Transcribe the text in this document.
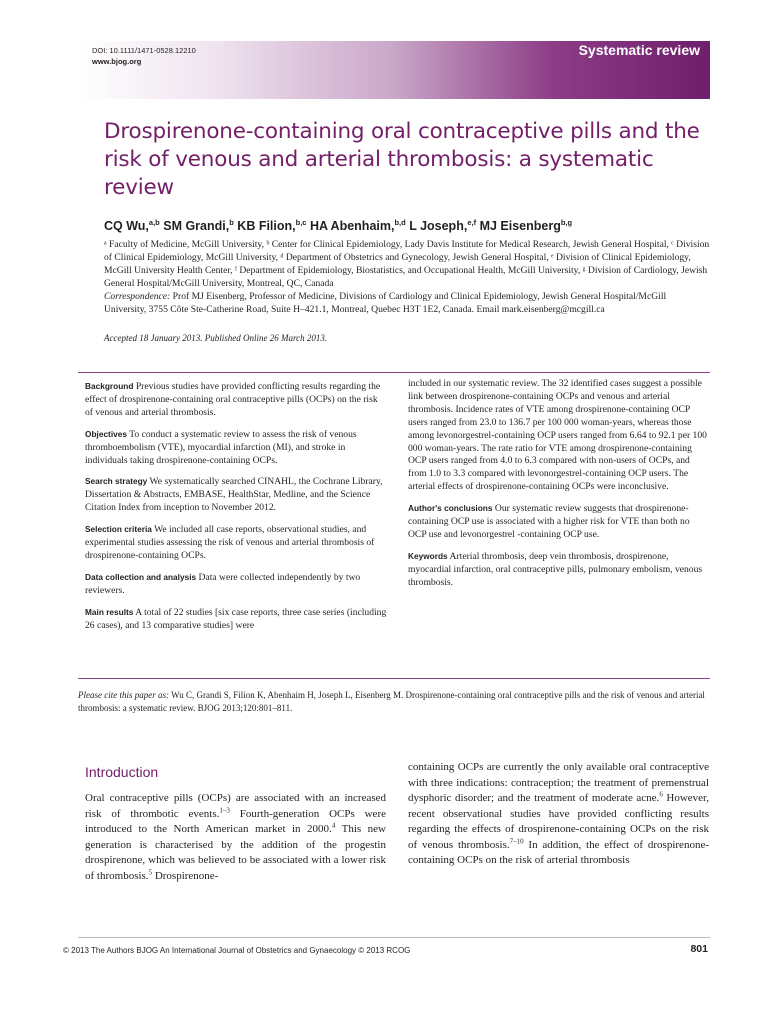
DOI: 10.1111/1471-0528.12210
www.bjog.org
Systematic review
Drospirenone-containing oral contraceptive pills and the risk of venous and arterial thrombosis: a systematic review
CQ Wu,$^{a,b}$ SM Grandi,$^b$ KB Filion,$^{b,c}$ HA Abenhaim,$^{b,d}$ L Joseph,$^{e,f}$ MJ Eisenberg$^{b,g}$

ᵃ Faculty of Medicine, McGill University, ᵇ Center for Clinical Epidemiology, Lady Davis Institute for Medical Research, Jewish General Hospital, ᶜ Division of Clinical Epidemiology, McGill University, ᵈ Department of Obstetrics and Gynecology, Jewish General Hospital, ᵉ Division of Clinical Epidemiology, McGill University Health Center, ᶠ Department of Epidemiology, Biostatistics, and Occupational Health, McGill University, ᵍ Division of Cardiology, Jewish General Hospital/McGill University, Montreal, QC, Canada

Correspondence: Prof MJ Eisenberg, Professor of Medicine, Divisions of Cardiology and Clinical Epidemiology, Jewish General Hospital/McGill University, 3755 Côte Ste-Catherine Road, Suite H–421.1, Montreal, Quebec H3T 1E2, Canada. Email mark.eisenberg@mcgill.ca

Accepted 18 January 2013. Published Online 26 March 2013.

Background Previous studies have provided conflicting results regarding the effect of drospirenone-containing oral contraceptive pills (OCPs) on the risk of venous and arterial thrombosis.

Objectives To conduct a systematic review to assess the risk of venous thromboembolism (VTE), myocardial infarction (MI), and stroke in individuals taking drospirenone-containing OCPs.

Search strategy We systematically searched CINAHL, the Cochrane Library, Dissertation & Abstracts, EMBASE, HealthStar, Medline, and the Science Citation Index from inception to November 2012.

Selection criteria We included all case reports, observational studies, and experimental studies assessing the risk of venous and arterial thrombosis of drospirenone-containing OCPs.

Data collection and analysis Data were collected independently by two reviewers.

Main results A total of 22 studies [six case reports, three case series (including 26 cases), and 13 comparative studies] were

included in our systematic review. The 32 identified cases suggest a possible link between drospirenone-containing OCPs and venous and arterial thrombosis. Incidence rates of VTE among drospirenone-containing OCP users ranged from 23.0 to 136.7 per 100 000 woman-years, whereas those among levonorgestrel-containing OCP users ranged from 6.64 to 92.1 per 100 000 woman-years. The rate ratio for VTE among drospirenone-containing OCP users ranged from 4.0 to 6.3 compared with non-users of OCPs, and from 1.0 to 3.3 compared with levonorgestrel-containing OCP users. The arterial effects of drospirenone-containing OCPs were inconclusive.

Author's conclusions Our systematic review suggests that drospirenone-containing OCP use is associated with a higher risk for VTE than both no OCP use and levonorgestrel -containing OCP use.

Keywords Arterial thrombosis, deep vein thrombosis, drospirenone, myocardial infarction, oral contraceptive pills, pulmonary embolism, venous thrombosis.

Please cite this paper as: Wu C, Grandi S, Filion K, Abenhaim H, Joseph L, Eisenberg M. Drospirenone-containing oral contraceptive pills and the risk of venous and arterial thrombosis: a systematic review. BJOG 2013;120:801–811.

Introduction

Oral contraceptive pills (OCPs) are associated with an increased risk of thrombotic events.$^{1-3}$ Fourth-generation OCPs were introduced to the North American market in 2000.$^4$ This new generation is characterised by the addition of the progestin drospirenone, which was believed to be associated with a lower risk of thrombosis.$^5$ Drospirenone-

containing OCPs are currently the only available oral contraceptive with three indications: contraception; the treatment of premenstrual dysphoric disorder; and the treatment of moderate acne.$^6$ However, recent observational studies have provided conflicting results regarding the effects of drospirenone-containing OCPs on the risk of venous thrombosis.$^{7-10}$ In addition, the effect of drospirenone-containing OCPs on the risk of arterial thrombosis

© 2013 The Authors BJOG An International Journal of Obstetrics and Gynaecology © 2013 RCOG	801
